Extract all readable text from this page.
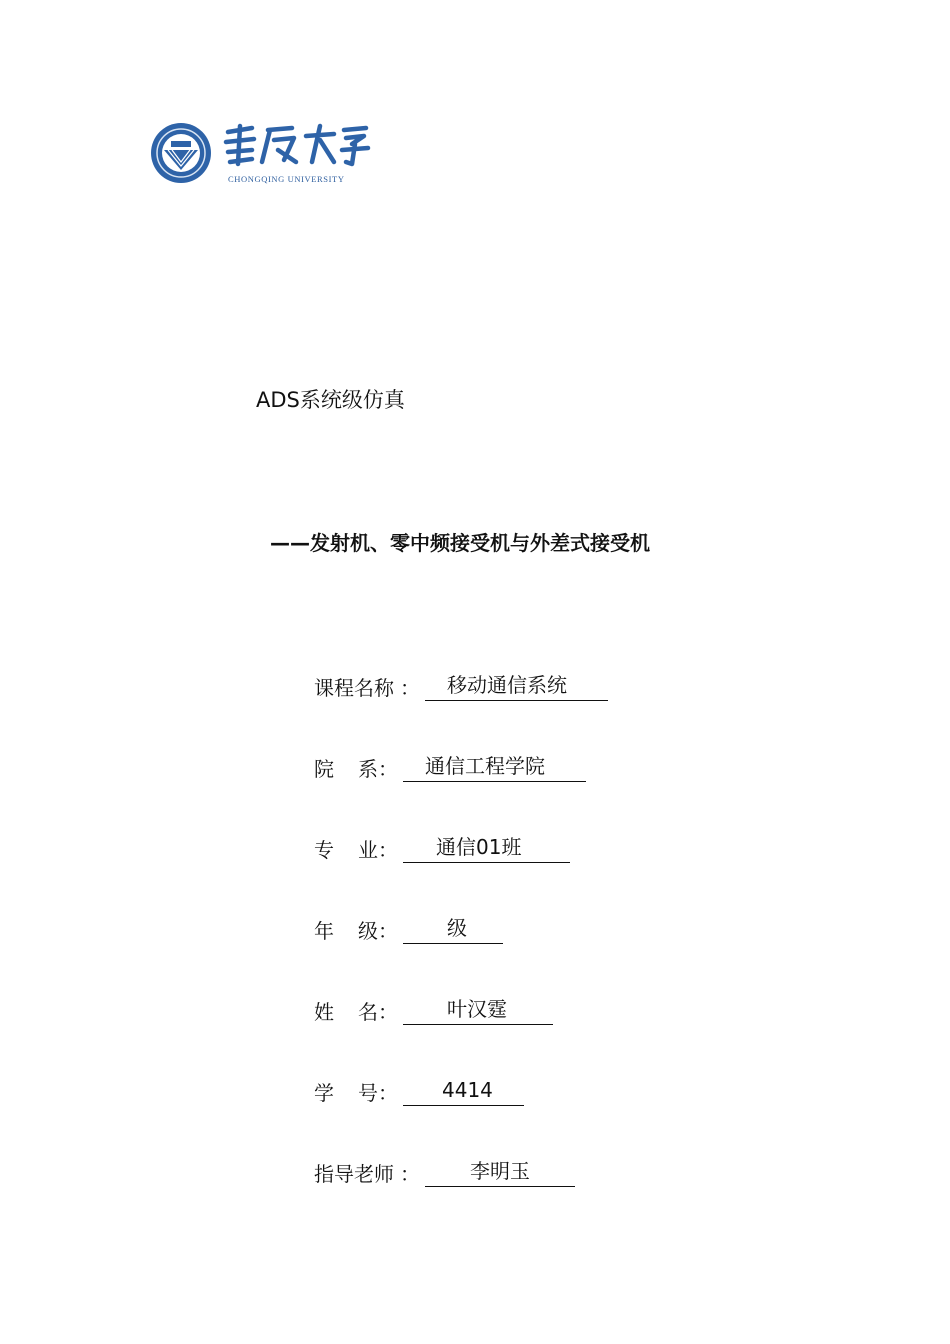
CHONGQING UNIVERSITY
ADS系统级仿真
——发射机、零中频接受机与外差式接受机
课程名称 ： 移动通信系统
院 系 ： 通信工程学院
专 业 ： 通信01班
年 级 ： 级
姓 名 ： 叶汉霆
学 号 ： 4414
指导老师 ：	李明玉
